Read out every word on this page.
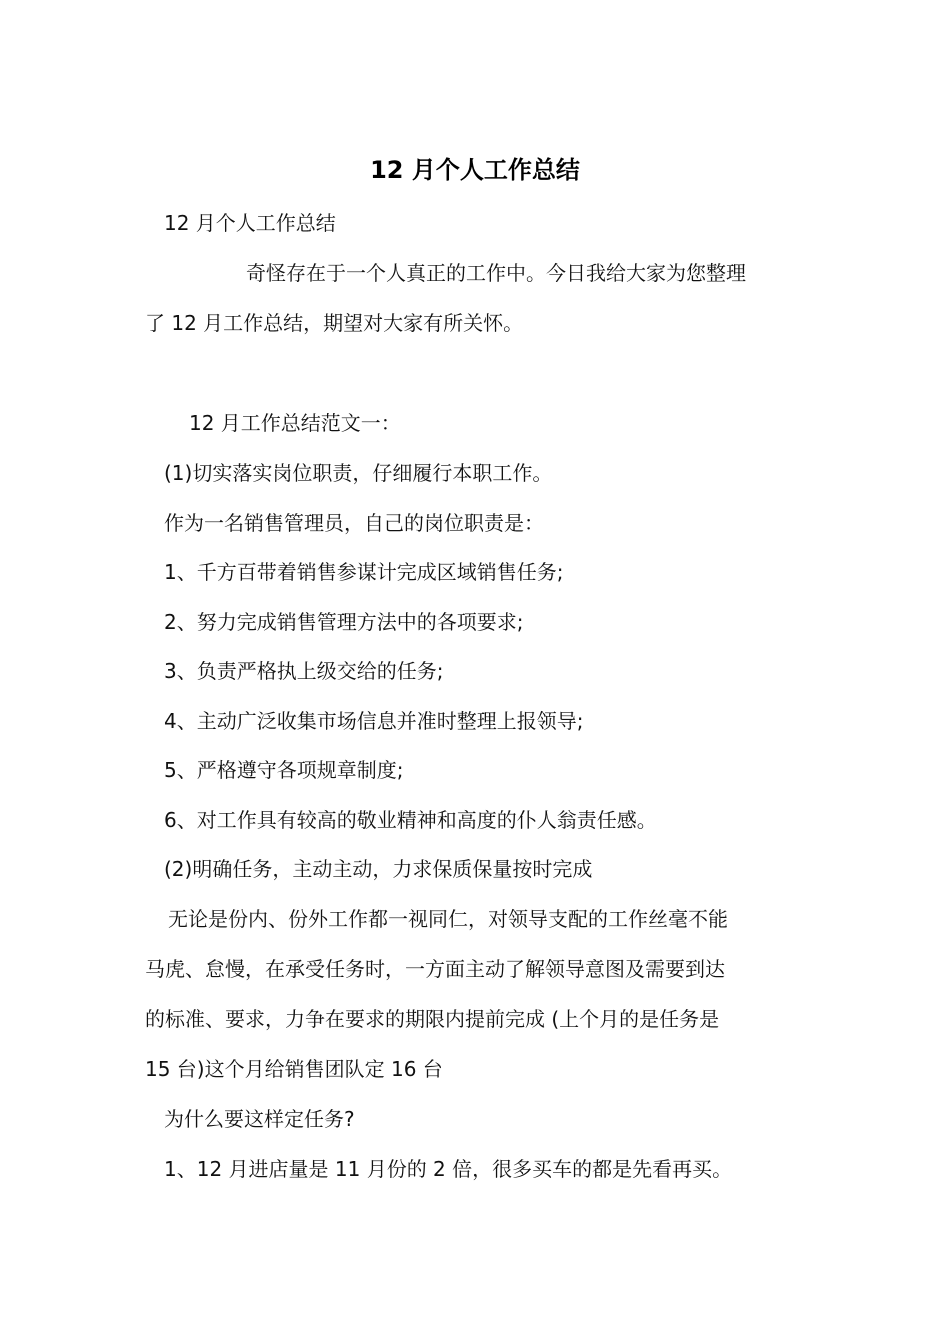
12 月个人工作总结
12 月个人工作总结
奇怪存在于一个人真正的工作中。今日我给大家为您整理
了 12 月工作总结，期望对大家有所关怀。
12 月工作总结范文一：
(1)切实落实岗位职责，仔细履行本职工作。
作为一名销售管理员，自己的岗位职责是：
1、千方百带着销售参谋计完成区域销售任务;
2、努力完成销售管理方法中的各项要求;
3、负责严格执上级交给的任务;
4、主动广泛收集市场信息并准时整理上报领导;
5、严格遵守各项规章制度;
6、对工作具有较高的敬业精神和高度的仆人翁责任感。
(2)明确任务，主动主动，力求保质保量按时完成
无论是份内、份外工作都一视同仁，对领导支配的工作丝毫不能
马虎、怠慢，在承受任务时，一方面主动了解领导意图及需要到达
的标准、要求，力争在要求的期限内提前完成 (上个月的是任务是
15 台)这个月给销售团队定 16 台
为什么要这样定任务?
1、12 月进店量是 11 月份的 2 倍，很多买车的都是先看再买。
